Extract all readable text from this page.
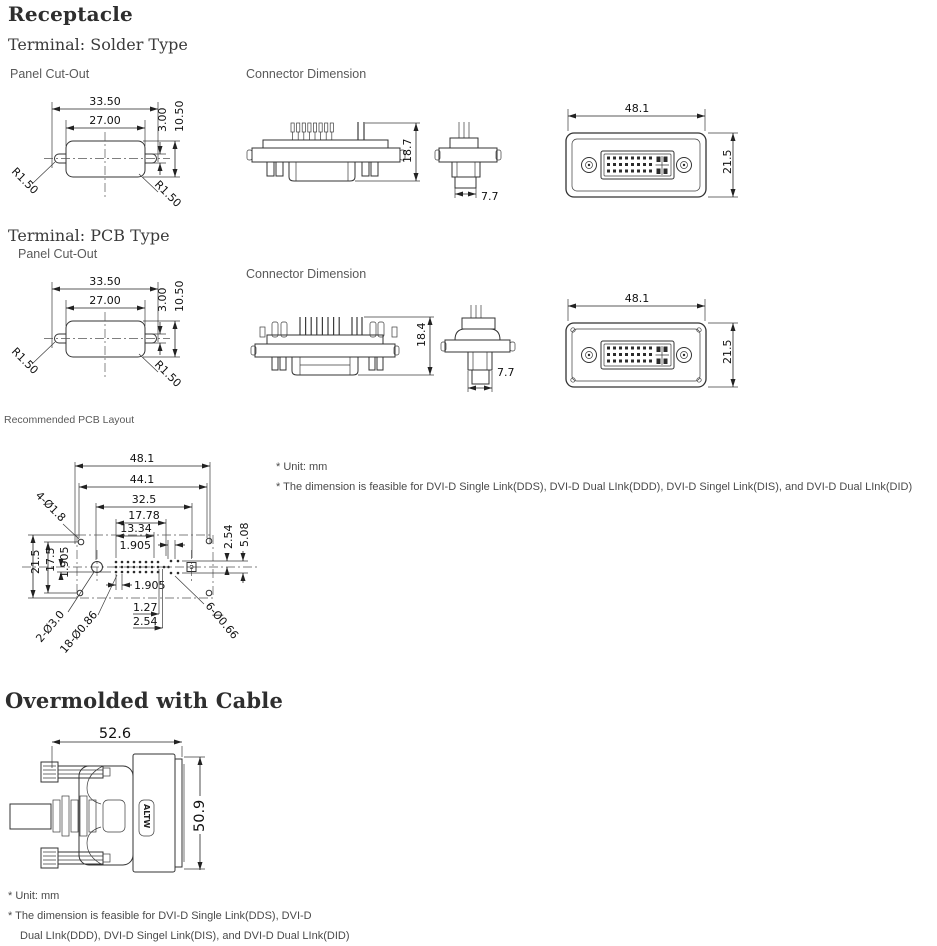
Receptacle
Terminal: Solder Type
Panel Cut-Out	Connector Dimension
33.50
27.00	3.00 10.50
R1.50	R1.50
18.7
7.7
48.1
21.5
Terminal: PCB Type
Panel Cut-Out
Connector Dimension
33.50
27.00	3.00 10.50
R1.50	R1.50
18.4
7.7
48.1
21.5
Recommended PCB Layout
48.1
44.1
32.5
17.78
13.34
1.905	2.54 5.08
21.5 17.5 1.905
1.905
1.27
2.54
4-Ø1.8
2-Ø3.0
18-Ø0.86	6-Ø0.66
* Unit: mm
* The dimension is feasible for DVI-D Single Link(DDS), DVI-D Dual LInk(DDD), DVI-D Singel Link(DIS), and DVI-D Dual LInk(DID)
Overmolded with Cable
52.6
ALTW	50.9
* Unit: mm
* The dimension is feasible for DVI-D Single Link(DDS), DVI-D
Dual LInk(DDD), DVI-D Singel Link(DIS), and DVI-D Dual LInk(DID)
